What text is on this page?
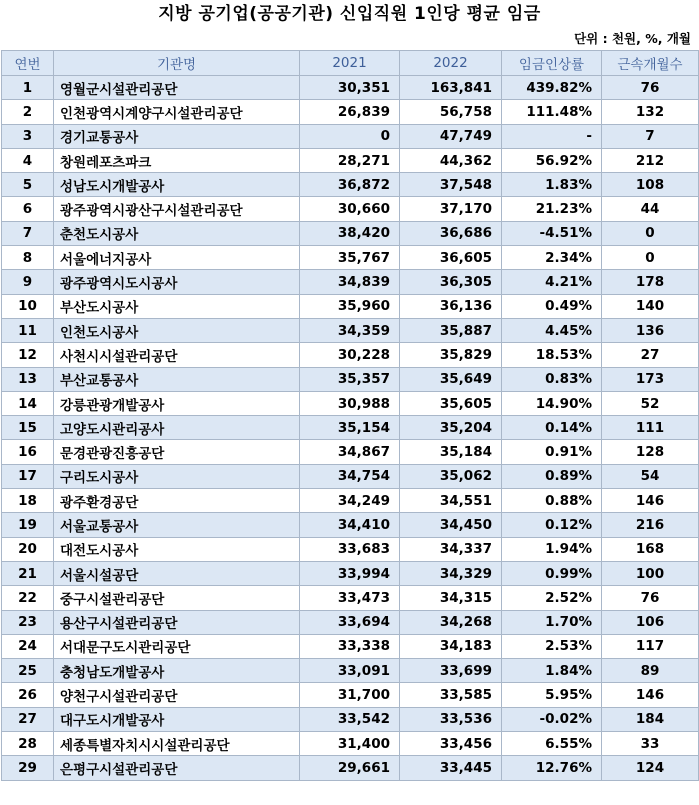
지방 공기업(공공기관) 신입직원 1인당 평균 임금
단위 : 천원, %, 개월
연번	기관명	2021	2022	임금인상률	근속개월수
1	영월군시설관리공단	30,351	163,841	439.82%	76
2	인천광역시계양구시설관리공단	26,839	56,758	111.48%	132
3	경기교통공사	0	47,749	-	7
4	창원레포츠파크	28,271	44,362	56.92%	212
5	성남도시개발공사	36,872	37,548	1.83%	108
6	광주광역시광산구시설관리공단	30,660	37,170	21.23%	44
7	춘천도시공사	38,420	36,686	-4.51%	0
8	서울에너지공사	35,767	36,605	2.34%	0
9	광주광역시도시공사	34,839	36,305	4.21%	178
10	부산도시공사	35,960	36,136	0.49%	140
11	인천도시공사	34,359	35,887	4.45%	136
12	사천시시설관리공단	30,228	35,829	18.53%	27
13	부산교통공사	35,357	35,649	0.83%	173
14	강릉관광개발공사	30,988	35,605	14.90%	52
15	고양도시관리공사	35,154	35,204	0.14%	111
16	문경관광진흥공단	34,867	35,184	0.91%	128
17	구리도시공사	34,754	35,062	0.89%	54
18	광주환경공단	34,249	34,551	0.88%	146
19	서울교통공사	34,410	34,450	0.12%	216
20	대전도시공사	33,683	34,337	1.94%	168
21	서울시설공단	33,994	34,329	0.99%	100
22	중구시설관리공단	33,473	34,315	2.52%	76
23	용산구시설관리공단	33,694	34,268	1.70%	106
24	서대문구도시관리공단	33,338	34,183	2.53%	117
25	충청남도개발공사	33,091	33,699	1.84%	89
26	양천구시설관리공단	31,700	33,585	5.95%	146
27	대구도시개발공사	33,542	33,536	-0.02%	184
28	세종특별자치시시설관리공단	31,400	33,456	6.55%	33
29	은평구시설관리공단	29,661	33,445	12.76%	124
